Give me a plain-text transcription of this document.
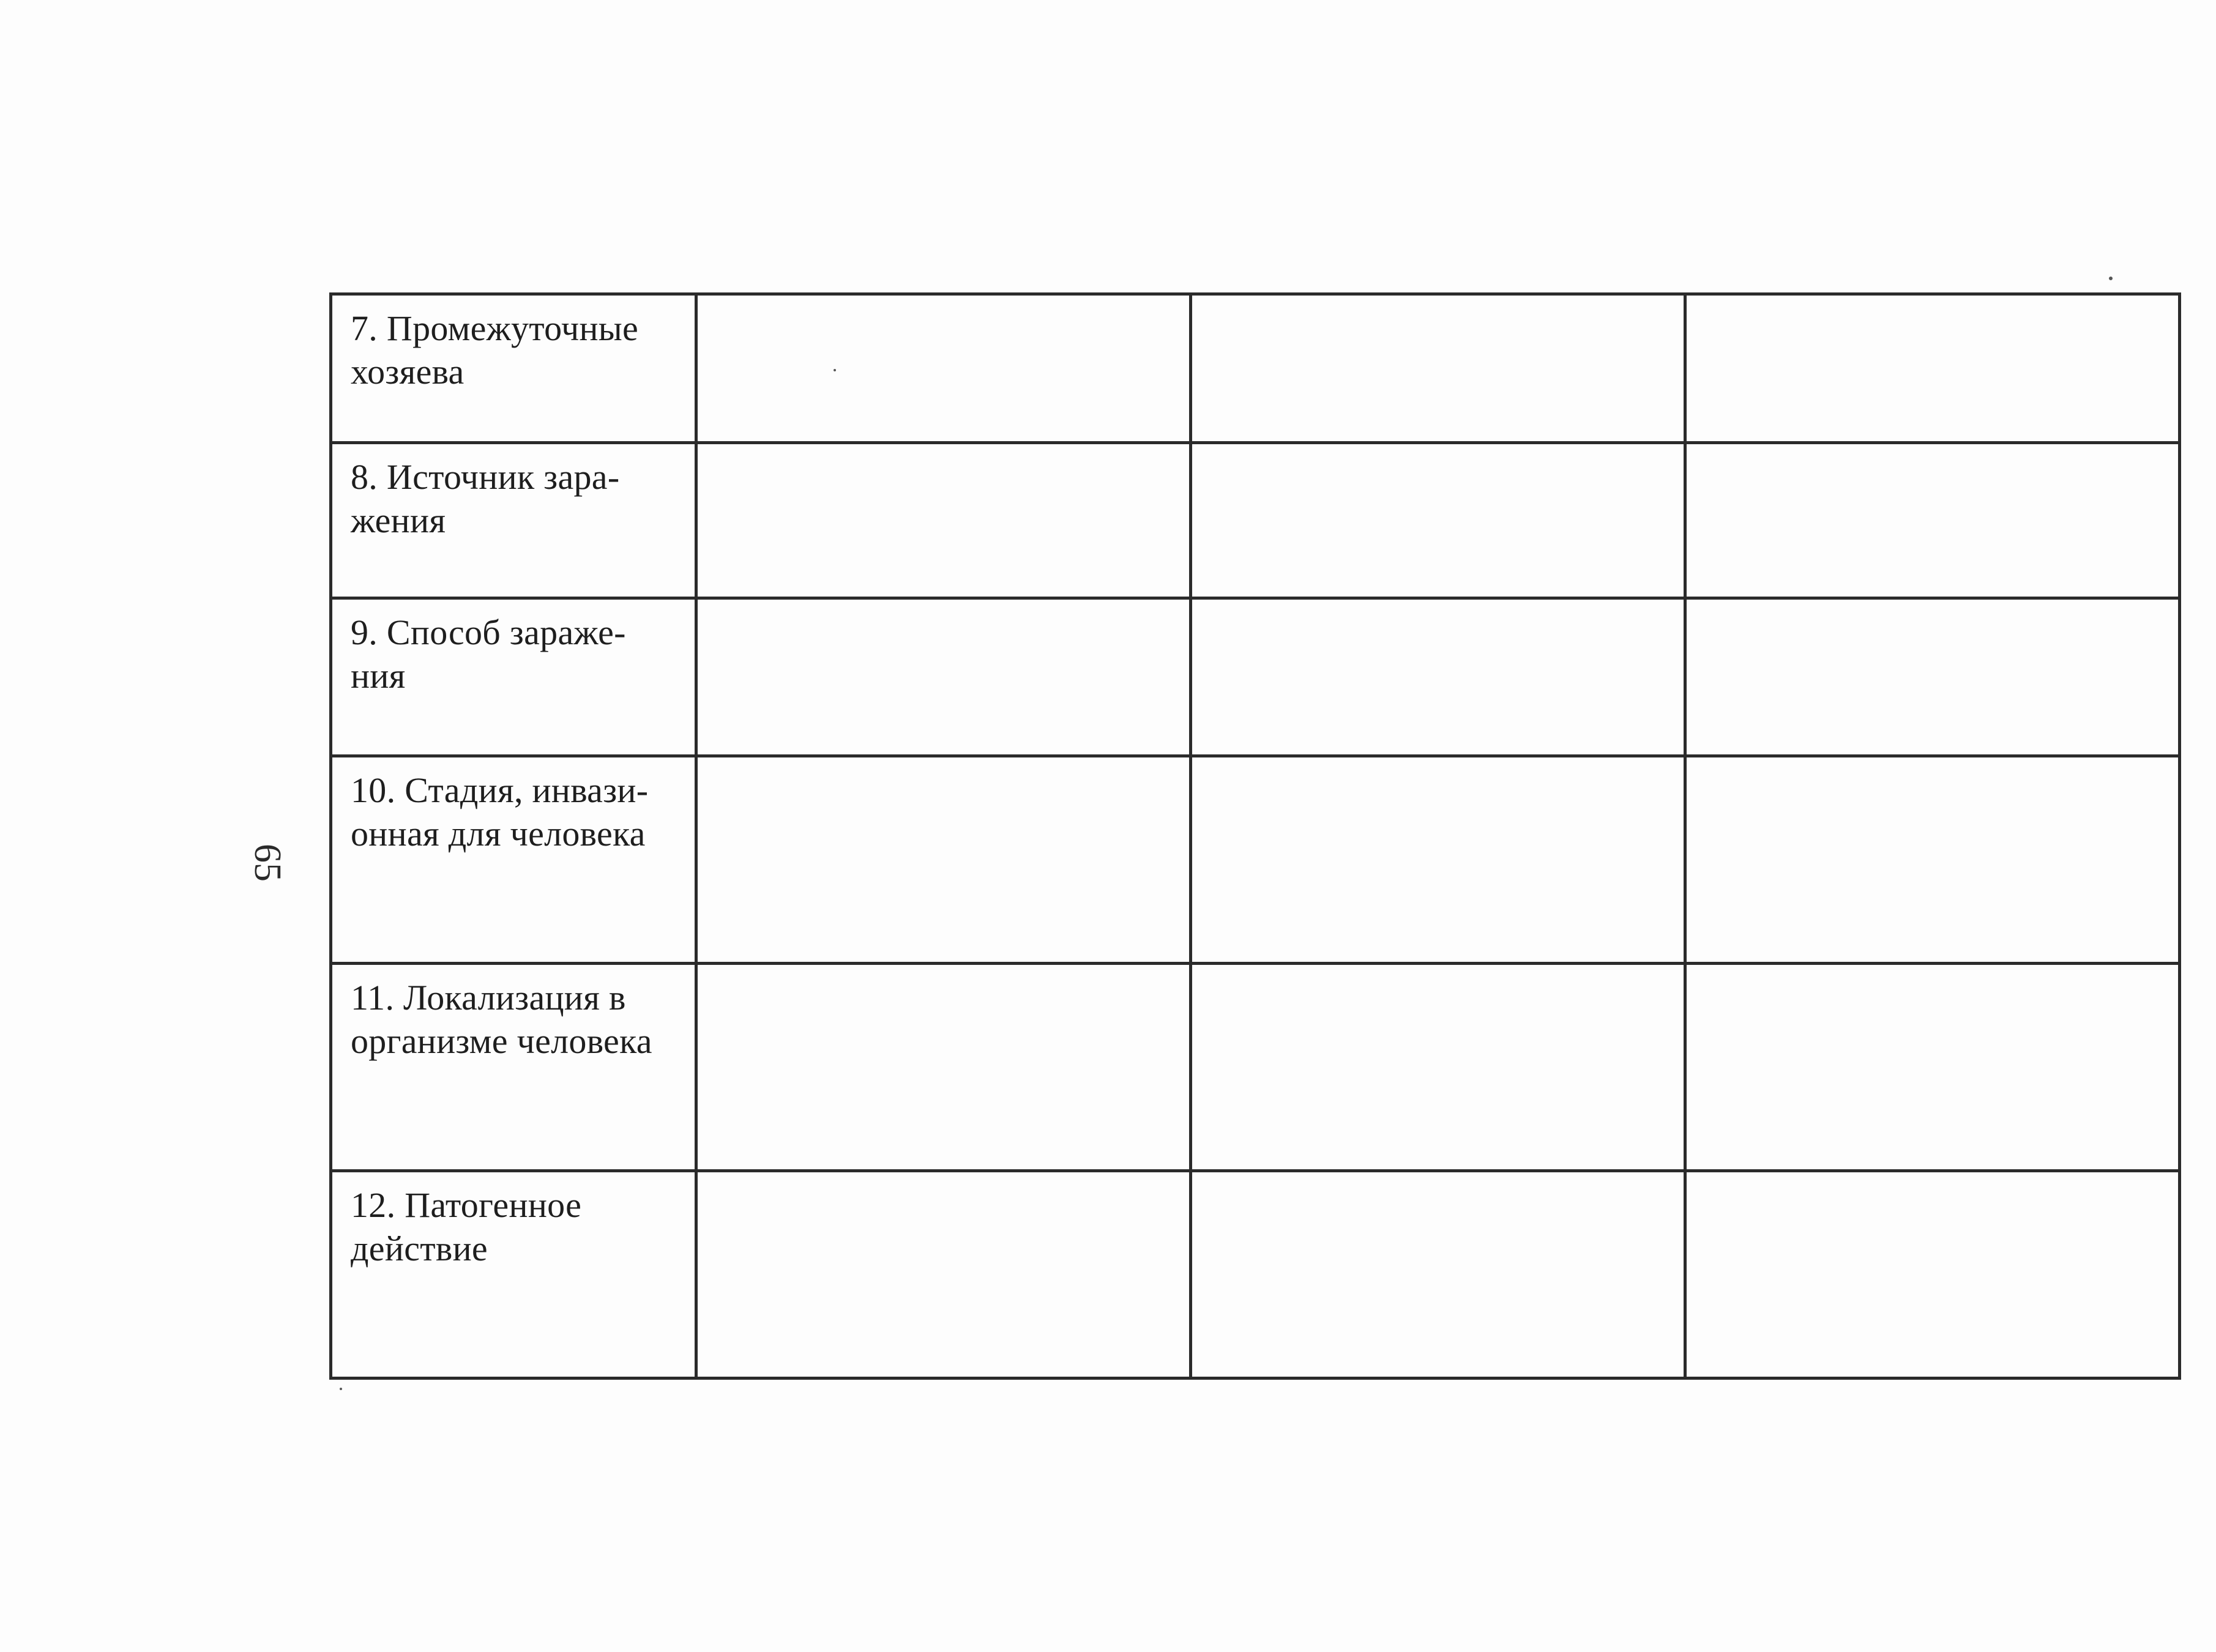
65
7. Промежуточные хозяева			

8. Источник зара-жения			

9. Способ зараже-ния			

10. Стадия, инвази-онная для человека			

11. Локализация в организме человека			

12. Патогенное действие			
